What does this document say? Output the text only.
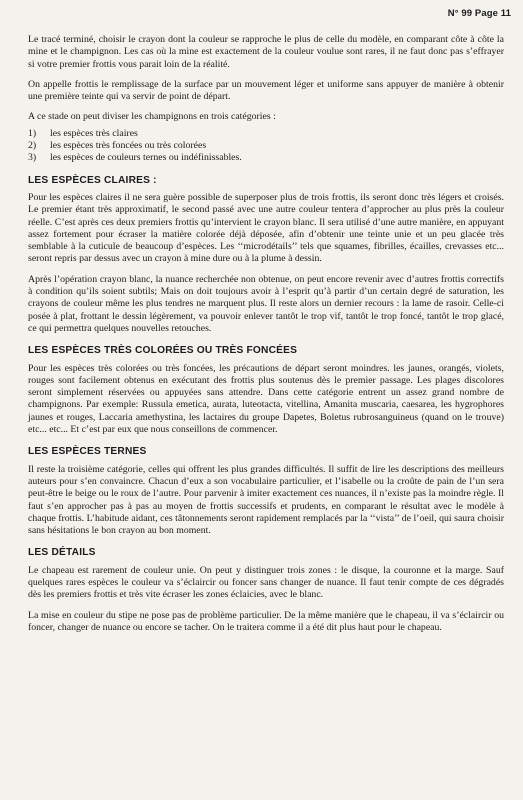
N° 99 Page 11

Le tracé terminé, choisir le crayon dont la couleur se rapproche le plus de celle du modèle, en comparant côte à côte la mine et le champignon. Les cas où la mine est exactement de la couleur voulue sont rares, il ne faut donc pas s’effrayer si votre premier frottis vous parait loin de la réalité.

On appelle frottis le remplissage de la surface par un mouvement léger et uniforme sans appuyer de manière à obtenir une première teinte qui va servir de point de départ.

A ce stade on peut diviser les champignons en trois catégories :

1)	les espèces très claires
2)	les espèces très foncées ou très colorées
3)	les espèces de couleurs ternes ou indéfinissables.
LES ESPÈCES CLAIRES :

Pour les espèces claires il ne sera guère possible de superposer plus de trois frottis, ils seront donc très légers et croisés. Le premier étant très approximatif, le second passé avec une autre couleur tentera d’approcher au plus près la couleur réelle. C’est après ces deux premiers frottis qu’intervient le crayon blanc. Il sera utilisé d’une autre manière, en appuyant assez fortement pour écraser la matière colorée déjà déposée, afin d’obtenir une teinte unie et un peu glacée très semblable à la cuticule de beaucoup d’espèces. Les ‘‘microdétails’’ tels que squames, fibrilles, écailles, crevasses etc... seront repris par dessus avec un crayon à mine dure ou à la plume à dessin.

Après l’opération crayon blanc, la nuance recherchée non obtenue, on peut encore revenir avec d’autres frottis correctifs à condition qu’ils soient subtils; Mais on doit toujours avoir à l’esprit qu’à partir d’un certain degré de saturation, les crayons de couleur même les plus tendres ne marquent plus. Il reste alors un dernier recours : la lame de rasoir. Celle-ci posée à plat, frottant le dessin légèrement, va pouvoir enlever tantôt le trop vif, tantôt le trop foncé, tantôt le trop glacé, ce qui permettra quelques nouvelles retouches.

LES ESPÈCES TRÈS COLORÉES OU TRÈS FONCÉES

Pour les espèces très colorées ou très foncées, les précautions de départ seront moindres. les jaunes, orangés, violets, rouges sont facilement obtenus en exécutant des frottis plus soutenus dès le premier passage. Les plages discolores seront simplement réservées ou appuyées sans attendre. Dans cette catégorie entrent un assez grand nombre de champignons. Par exemple: Russula emetica, aurata, luteotacta, vitellina, Amanita muscaria, caesarea, les hygrophores jaunes et rouges, Laccaria amethystina, les lactaires du groupe Dapetes, Boletus rubrosanguineus (quand on le trouve) etc... etc... Et c’est par eux que nous conseillons de commencer.

LES ESPÈCES TERNES

Il reste la troisième catégorie, celles qui offrent les plus grandes difficultés. Il suffit de lire les descriptions des meilleurs auteurs pour s’en convaincre. Chacun d’eux a son vocabulaire particulier, et l’isabelle ou la croûte de pain de l’un sera peut-être le beige ou le roux de l’autre. Pour parvenir à imiter exactement ces nuances, il n’existe pas la moindre règle. Il faut s’en approcher pas à pas au moyen de frottis successifs et prudents, en comparant le résultat avec le modèle à chaque frottis. L’habitude aidant, ces tâtonnements seront rapidement remplacés par la ‘‘vista’’ de l’oeil, qui saura choisir sans hésitations le bon crayon au bon moment.

LES DÉTAILS

Le chapeau est rarement de couleur unie. On peut y distinguer trois zones : le disque, la couronne et la marge. Sauf quelques rares espèces le couleur va s’éclaircir ou foncer sans changer de nuance. Il faut tenir compte de ces dégradés dès les premiers frottis et très vite écraser les zones éclaicies, avec le blanc.

La mise en couleur du stipe ne pose pas de problème particulier. De la même manière que le chapeau, il va s’éclaircir ou foncer, changer de nuance ou encore se tacher. On le traitera comme il a été dit plus haut pour le chapeau.
